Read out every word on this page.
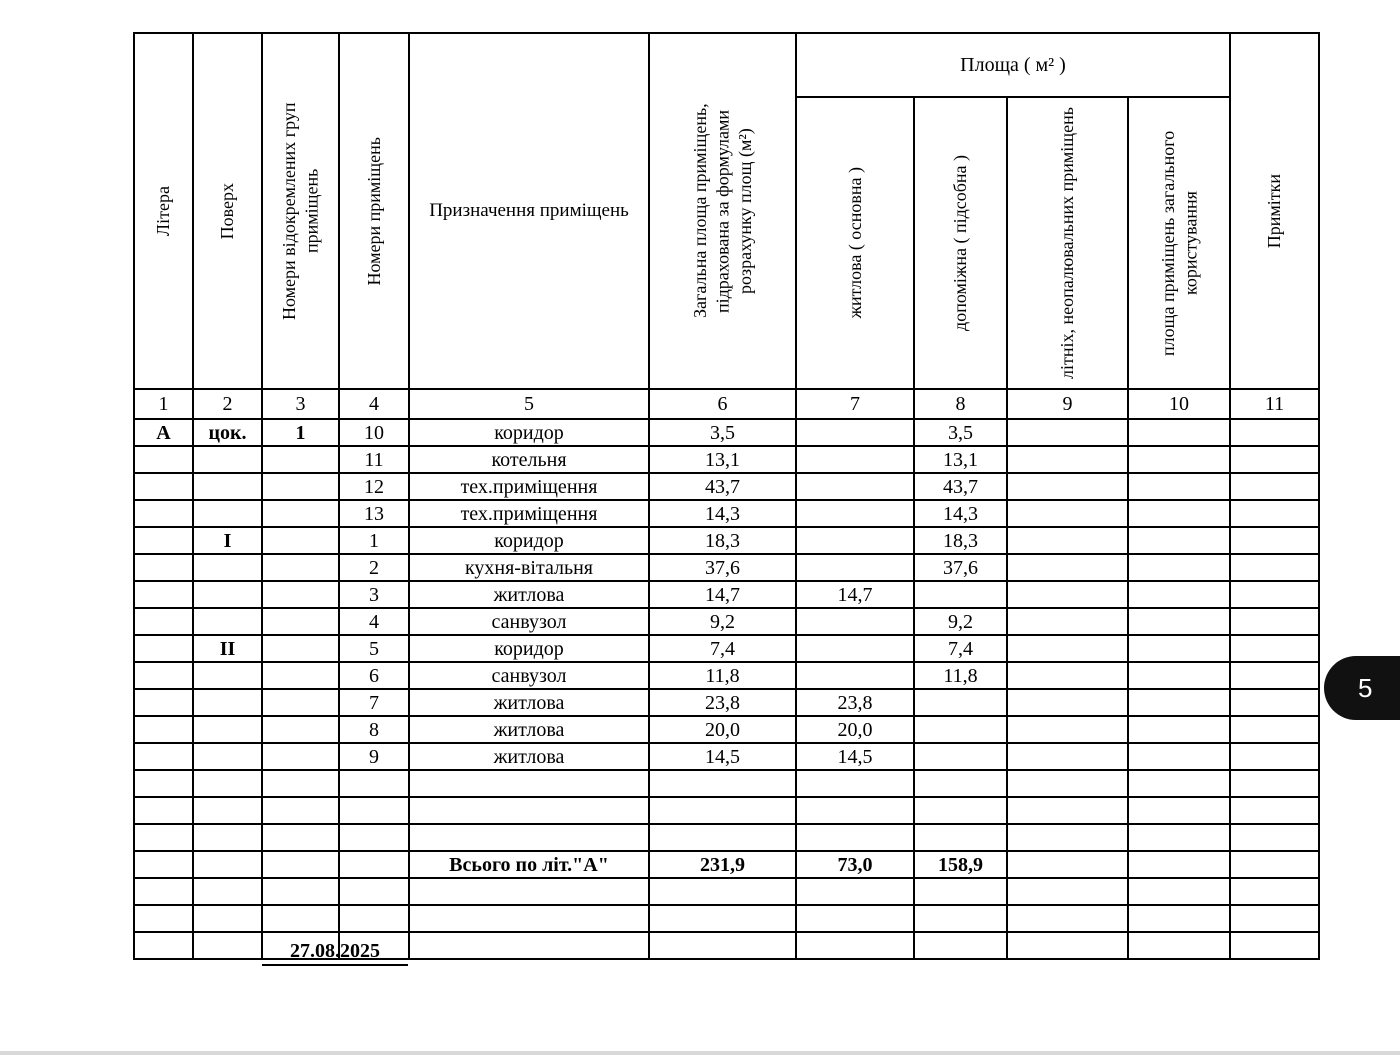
Літера	Поверх	Номери відокремлених груп приміщень	Номери приміщень	Призначення приміщень	Загальна площа приміщень, підрахована за формулами розрахунку площ (м²)	Площа ( м² )				Примітки

						житлова ( основна )	допоміжна ( підсобна )	літніх, неопалювальних приміщень	площа приміщень загального користування	

1	2	3	4	5	6	7	8	9	10	11
А	цок.	1	10	коридор	3,5		3,5			
			11	котельня	13,1		13,1			
			12	тех.приміщення	43,7		43,7			
			13	тех.приміщення	14,3		14,3			
	І		1	коридор	18,3		18,3			
			2	кухня-вітальня	37,6		37,6			
			3	житлова	14,7	14,7				
			4	санвузол	9,2		9,2			
	ІІ		5	коридор	7,4		7,4			
			6	санвузол	11,8		11,8			
			7	житлова	23,8	23,8				
			8	житлова	20,0	20,0				
			9	житлова	14,5	14,5				

				Всього по літ."А"	231,9	73,0	158,9			

27.08.2025
5
